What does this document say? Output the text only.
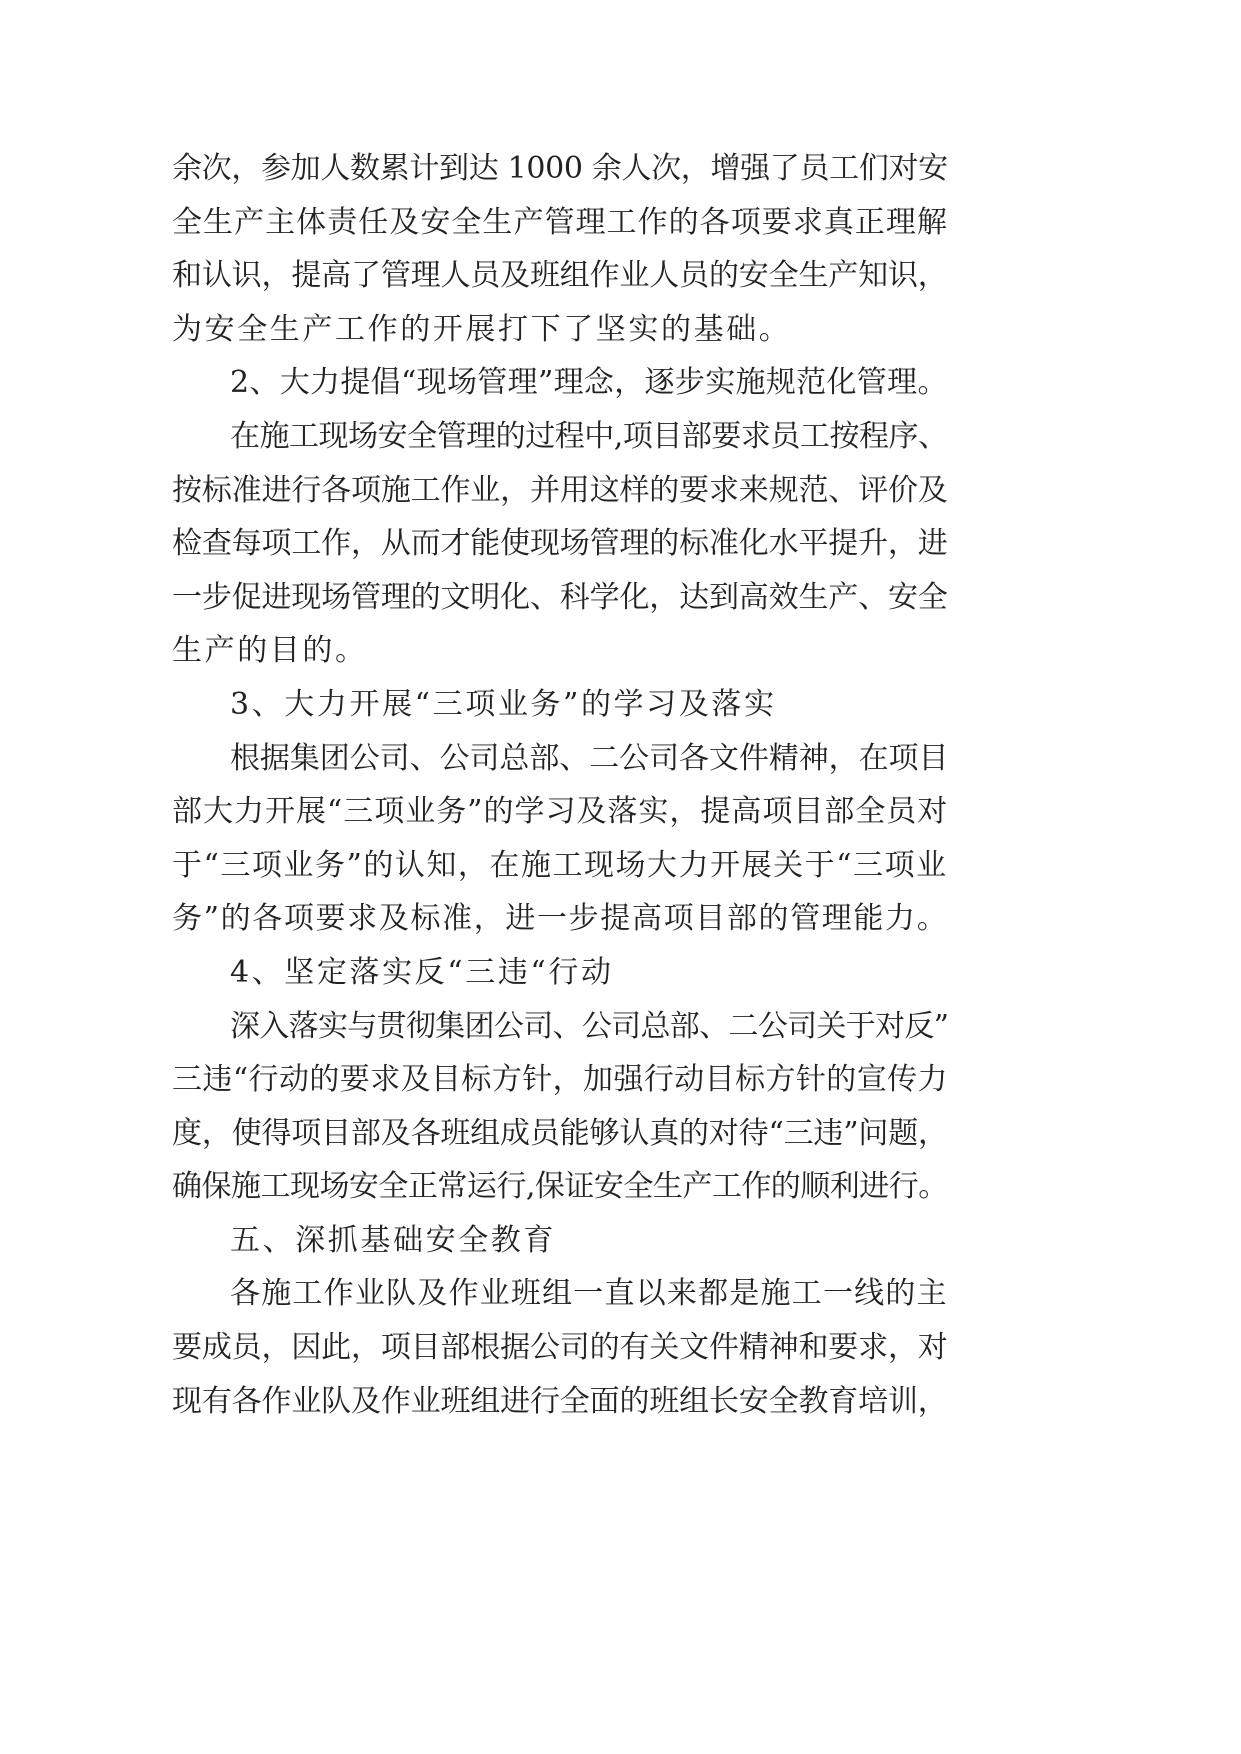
余次，参加人数累计到达 1000 余人次，增强了员工们对安
全生产主体责任及安全生产管理工作的各项要求真正理解
和认识，提高了管理人员及班组作业人员的安全生产知识，
为安全生产工作的开展打下了坚实的基础。
2、大力提倡“现场管理”理念，逐步实施规范化管理。
在施工现场安全管理的过程中,项目部要求员工按程序、
按标准进行各项施工作业，并用这样的要求来规范、评价及
检查每项工作，从而才能使现场管理的标准化水平提升，进
一步促进现场管理的文明化、科学化，达到高效生产、安全
生产的目的。
3、大力开展“三项业务”的学习及落实
根据集团公司、公司总部、二公司各文件精神，在项目
部大力开展“三项业务”的学习及落实，提高项目部全员对
于“三项业务”的认知，在施工现场大力开展关于“三项业
务”的各项要求及标准，进一步提高项目部的管理能力。
4、坚定落实反“三违“行动
深入落实与贯彻集团公司、公司总部、二公司关于对反”
三违“行动的要求及目标方针，加强行动目标方针的宣传力
度，使得项目部及各班组成员能够认真的对待“三违”问题，
确保施工现场安全正常运行,保证安全生产工作的顺利进行。
五、深抓基础安全教育
各施工作业队及作业班组一直以来都是施工一线的主
要成员，因此，项目部根据公司的有关文件精神和要求，对
现有各作业队及作业班组进行全面的班组长安全教育培训，
